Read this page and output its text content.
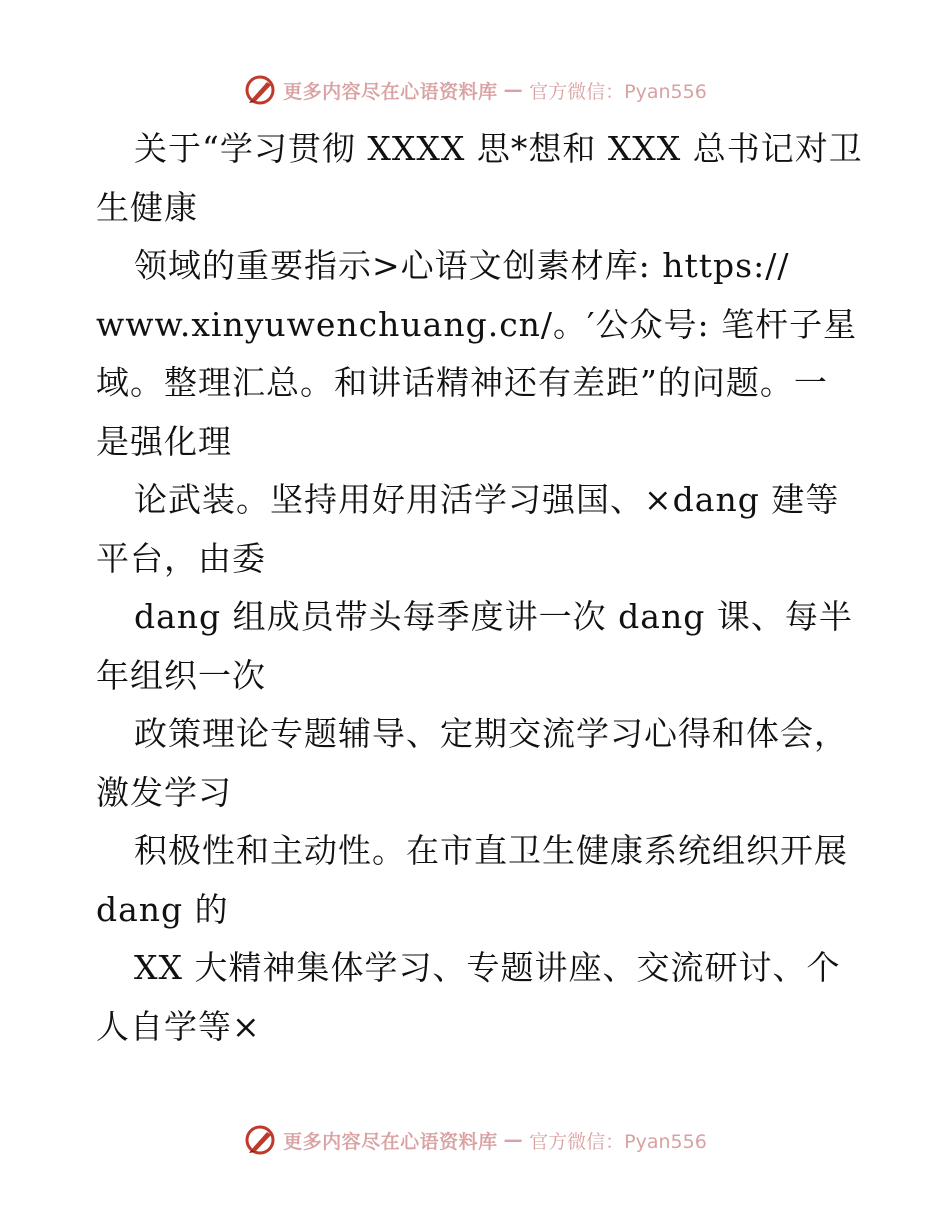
更多内容尽在心语资料库 — 官方微信：Pyan556
关于“学习贯彻 XXXX 思*想和 XXX 总书记对卫
生健康
领域的重要指示>心语文创素材库: https://
www.xinyuwenchuang.cn/。′公众号: 笔杆子星
域。整理汇总。和讲话精神还有差距”的问题。一
是强化理
论武装。坚持用好用活学习强国、×dang 建等
平台，由委
dang 组成员带头每季度讲一次 dang 课、每半
年组织一次
政策理论专题辅导、定期交流学习心得和体会，
激发学习
积极性和主动性。在市直卫生健康系统组织开展
dang 的
XX 大精神集体学习、专题讲座、交流研讨、个
人自学等×
更多内容尽在心语资料库 — 官方微信：Pyan556
